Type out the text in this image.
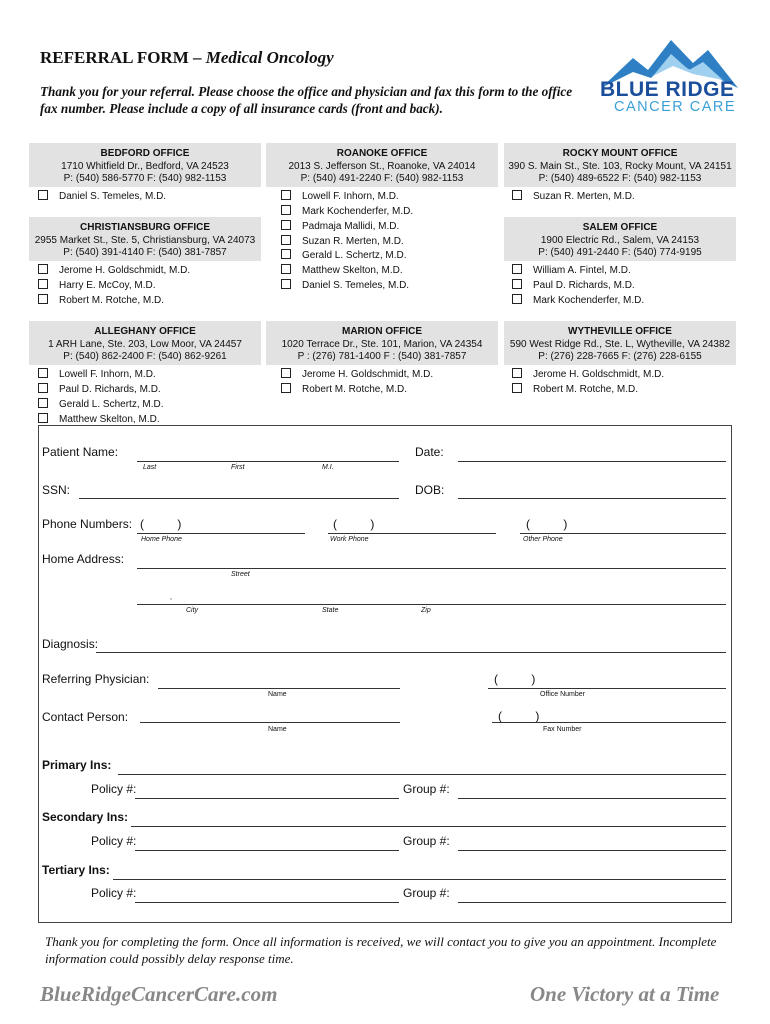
REFERRAL FORM – Medical Oncology
Thank you for your referral. Please choose the office and physician and fax this form to the office fax number. Please include a copy of all insurance cards (front and back).
BLUE RIDGE
CANCER CARE
BEDFORD OFFICE
1710 Whitfield Dr., Bedford, VA 24523
P: (540) 586-5770 F: (540) 982-1153
ROANOKE OFFICE
2013 S. Jefferson St., Roanoke, VA 24014
P: (540) 491-2240 F: (540) 982-1153
ROCKY MOUNT OFFICE
390 S. Main St., Ste. 103, Rocky Mount, VA 24151
P: (540) 489-6522 F: (540) 982-1153
Daniel S. Temeles, M.D.	Lowell F. Inhorn, M.D.
Mark Kochenderfer, M.D.
Padmaja Mallidi, M.D.
Suzan R. Merten, M.D.
Gerald L. Schertz, M.D.
Matthew Skelton, M.D.
Daniel S. Temeles, M.D.
Suzan R. Merten, M.D.
CHRISTIANSBURG OFFICE
2955 Market St., Ste. 5, Christiansburg, VA 24073
P: (540) 391-4140 F: (540) 381-7857
SALEM OFFICE
1900 Electric Rd., Salem, VA 24153
P: (540) 491-2440 F: (540) 774-9195
Jerome H. Goldschmidt, M.D.
Harry E. McCoy, M.D.
Robert M. Rotche, M.D.
William A. Fintel, M.D.
Paul D. Richards, M.D.
Mark Kochenderfer, M.D.
ALLEGHANY OFFICE
1 ARH Lane, Ste. 203, Low Moor, VA 24457
P: (540) 862-2400 F: (540) 862-9261
MARION OFFICE
1020 Terrace Dr., Ste. 101, Marion, VA 24354
P : (276) 781-1400 F : (540) 381-7857
WYTHEVILLE OFFICE
590 West Ridge Rd., Ste. L, Wytheville, VA 24382
P: (276) 228-7665 F: (276) 228-6155
Lowell F. Inhorn, M.D.
Paul D. Richards, M.D.
Gerald L. Schertz, M.D.
Matthew Skelton, M.D.
Jerome H. Goldschmidt, M.D.
Robert M. Rotche, M.D.
Jerome H. Goldschmidt, M.D.
Robert M. Rotche, M.D.
Patient Name:
Last	First	M.I.
Date:
SSN:	DOB:
Phone Numbers: (          )
Home Phone
(          )
Work Phone
(          )
Other Phone
Home Address:
Street
,
City	State	Zip
Diagnosis:
Referring Physician:
Name
(          )
Office Number
Contact Person:
Name
(          )
Fax Number
Primary Ins:
Policy #:	Group #:
Secondary Ins:
Policy #:	Group #:
Tertiary Ins:
Policy #:	Group #:
Thank you for completing the form. Once all information is received, we will contact you to give you an appointment. Incomplete information could possibly delay response time.
BlueRidgeCancerCare.com	One Victory at a Time
